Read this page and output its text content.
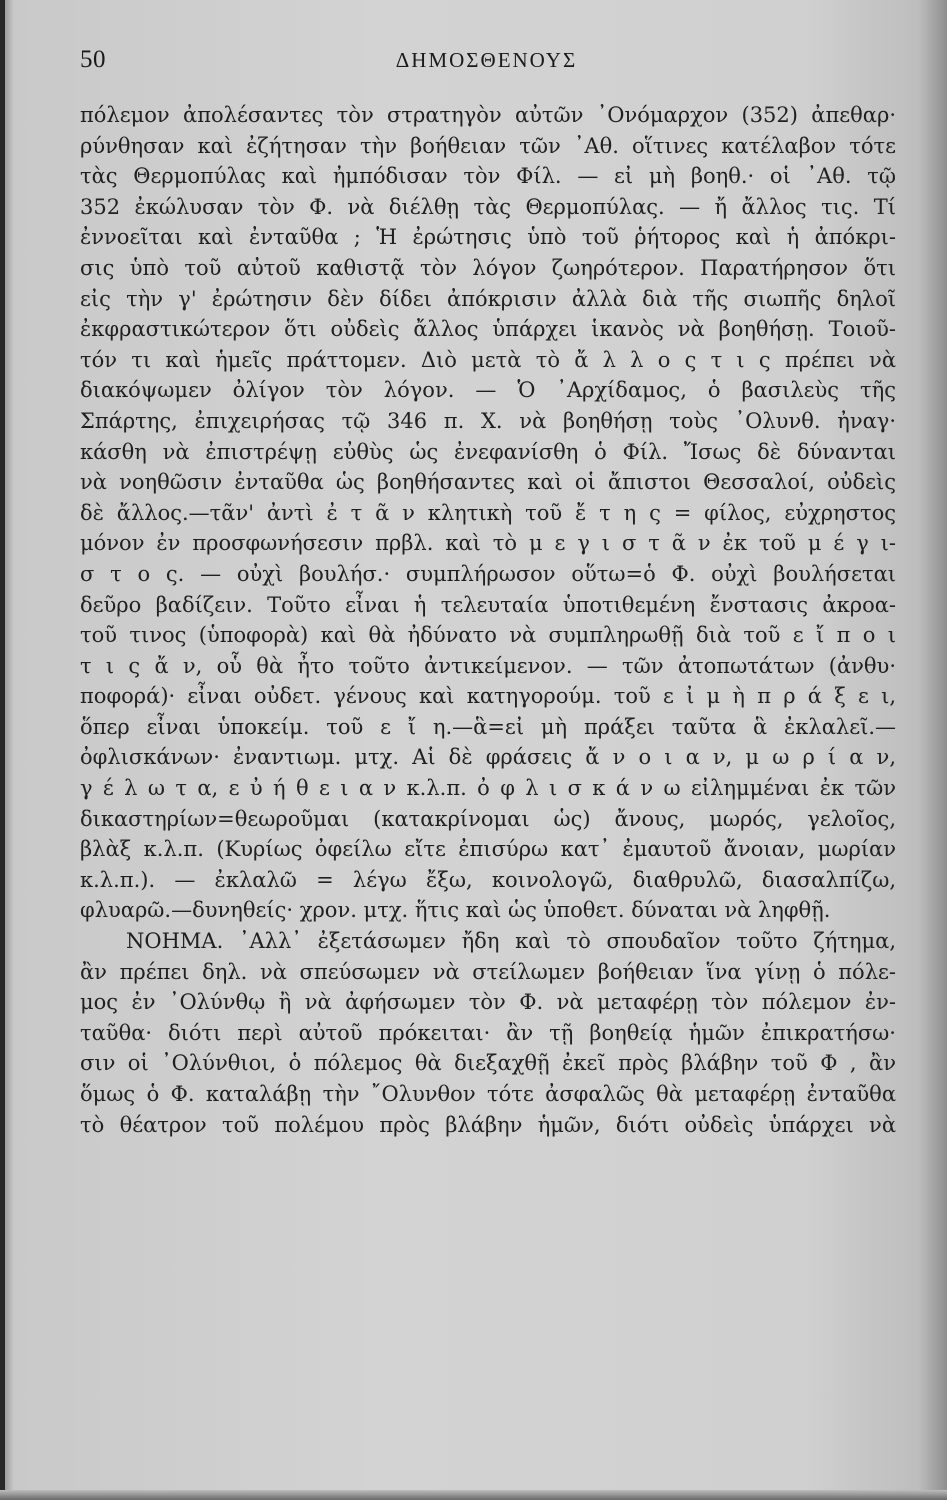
50	ΔΗΜΟΣΘΕΝΟΥΣ
πόλεμον ἀπολέσαντες τὸν στρατηγὸν αὐτῶν ᾿Ονόμαρχον (352) ἀπεθαρ·
ρύνθησαν καὶ ἐζήτησαν τὴν βοήθειαν τῶν ᾿Αθ. οἵτινες κατέλαβον τότε
τὰς Θερμοπύλας καὶ ἠμπόδισαν τὸν Φίλ. — εἰ μὴ βοηθ.· οἱ ᾿Αθ. τῷ
352 ἐκώλυσαν τὸν Φ. νὰ διέλθῃ τὰς Θερμοπύλας. — ἤ ἄλλος τις. Τί
ἐννοεῖται καὶ ἐνταῦθα ; Ἡ ἐρώτησις ὑπὸ τοῦ ῥήτορος καὶ ἡ ἀπόκρι-
σις ὑπὸ τοῦ αὐτοῦ καθιστᾷ τὸν λόγον ζωηρότερον. Παρατήρησον ὅτι
εἰς τὴν γ' ἐρώτησιν δὲν δίδει ἀπόκρισιν ἀλλὰ διὰ τῆς σιωπῆς δηλοῖ
ἐκφραστικώτερον ὅτι οὐδεὶς ἄλλος ὑπάρχει ἱκανὸς νὰ βοηθήσῃ. Τοιοῦ-
τόν τι καὶ ἡμεῖς πράττομεν. Διὸ μετὰ τὸ ἄ λ λ ο ς τ ι ς πρέπει νὰ
διακόψωμεν ὀλίγον τὸν λόγον. — Ὁ ᾿Αρχίδαμος, ὁ βασιλεὺς τῆς
Σπάρτης, ἐπιχειρήσας τῷ 346 π. Χ. νὰ βοηθήσῃ τοὺς ᾿Ολυνθ. ἠναγ·
κάσθη νὰ ἐπιστρέψῃ εὐθὺς ὡς ἐνεφανίσθη ὁ Φίλ. Ἴσως δὲ δύνανται
νὰ νοηθῶσιν ἐνταῦθα ὡς βοηθήσαντες καὶ οἱ ἄπιστοι Θεσσαλοί, οὐδεὶς
δὲ ἄλλος.—τᾶν' ἀντὶ ἐ τ ᾶ ν κλητικὴ τοῦ ἔ τ η ς = φίλος, εὐχρηστος
μόνον ἐν προσφωνήσεσιν πρβλ. καὶ τὸ μ ε γ ι σ τ ᾶ ν ἐκ τοῦ μ έ γ ι-
σ τ ο ς. — οὐχὶ βουλήσ.· συμπλήρωσον οὕτω=ὁ Φ. οὐχὶ βουλήσεται
δεῦρο βαδίζειν. Τοῦτο εἶναι ἡ τελευταία ὑποτιθεμένη ἔνστασις ἀκροα-
τοῦ τινος (ὑποφορὰ) καὶ θὰ ἠδύνατο νὰ συμπληρωθῇ διὰ τοῦ ε ἴ π ο ι
τ ι ς ἄ ν, οὗ θὰ ἦτο τοῦτο ἀντικείμενον. — τῶν ἀτοπωτάτων (ἀνθυ·
ποφορά)· εἶναι οὐδετ. γένους καὶ κατηγορούμ. τοῦ ε ἰ μ ὴ π ρ ά ξ ε ι,
ὅπερ εἶναι ὑποκείμ. τοῦ ε ἴ η.—ἃ=εἰ μὴ πράξει ταῦτα ἃ ἐκλαλεῖ.—
ὀφλισκάνων· ἐναντιωμ. μτχ. Αἱ δὲ φράσεις ἄ ν ο ι α ν, μ ω ρ ί α ν,
γ έ λ ω τ α, ε ὐ ή θ ε ι α ν κ.λ.π. ὀ φ λ ι σ κ ά ν ω εἰλημμέναι ἐκ τῶν
δικαστηρίων=θεωροῦμαι (κατακρίνομαι ὡς) ἄνους, μωρός, γελοῖος,
βλὰξ κ.λ.π. (Κυρίως ὀφείλω εἴτε ἐπισύρω κατ᾿ ἐμαυτοῦ ἄνοιαν, μωρίαν
κ.λ.π.). — ἐκλαλῶ = λέγω ἔξω, κοινολογῶ, διαθρυλῶ, διασαλπίζω,
φλυαρῶ.—δυνηθείς· χρον. μτχ. ἥτις καὶ ὡς ὑποθετ. δύναται νὰ ληφθῇ.
ΝΟΗΜΑ. ᾿Αλλ᾿ ἐξετάσωμεν ἤδη καὶ τὸ σπουδαῖον τοῦτο ζήτημα,
ἂν πρέπει δηλ. νὰ σπεύσωμεν νὰ στείλωμεν βοήθειαν ἵνα γίνῃ ὁ πόλε-
μος ἐν ᾿Ολύνθῳ ἢ νὰ ἀφήσωμεν τὸν Φ. νὰ μεταφέρῃ τὸν πόλεμον ἐν-
ταῦθα· διότι περὶ αὐτοῦ πρόκειται· ἂν τῇ βοηθείᾳ ἡμῶν ἐπικρατήσω·
σιν οἱ ᾿Ολύνθιοι, ὁ πόλεμος θὰ διεξαχθῇ ἐκεῖ πρὸς βλάβην τοῦ Φ , ἂν
ὅμως ὁ Φ. καταλάβῃ τὴν ῎Ολυνθον τότε ἀσφαλῶς θὰ μεταφέρῃ ἐνταῦθα
τὸ θέατρον τοῦ πολέμου πρὸς βλάβην ἡμῶν, διότι οὐδεὶς ὑπάρχει νὰ
